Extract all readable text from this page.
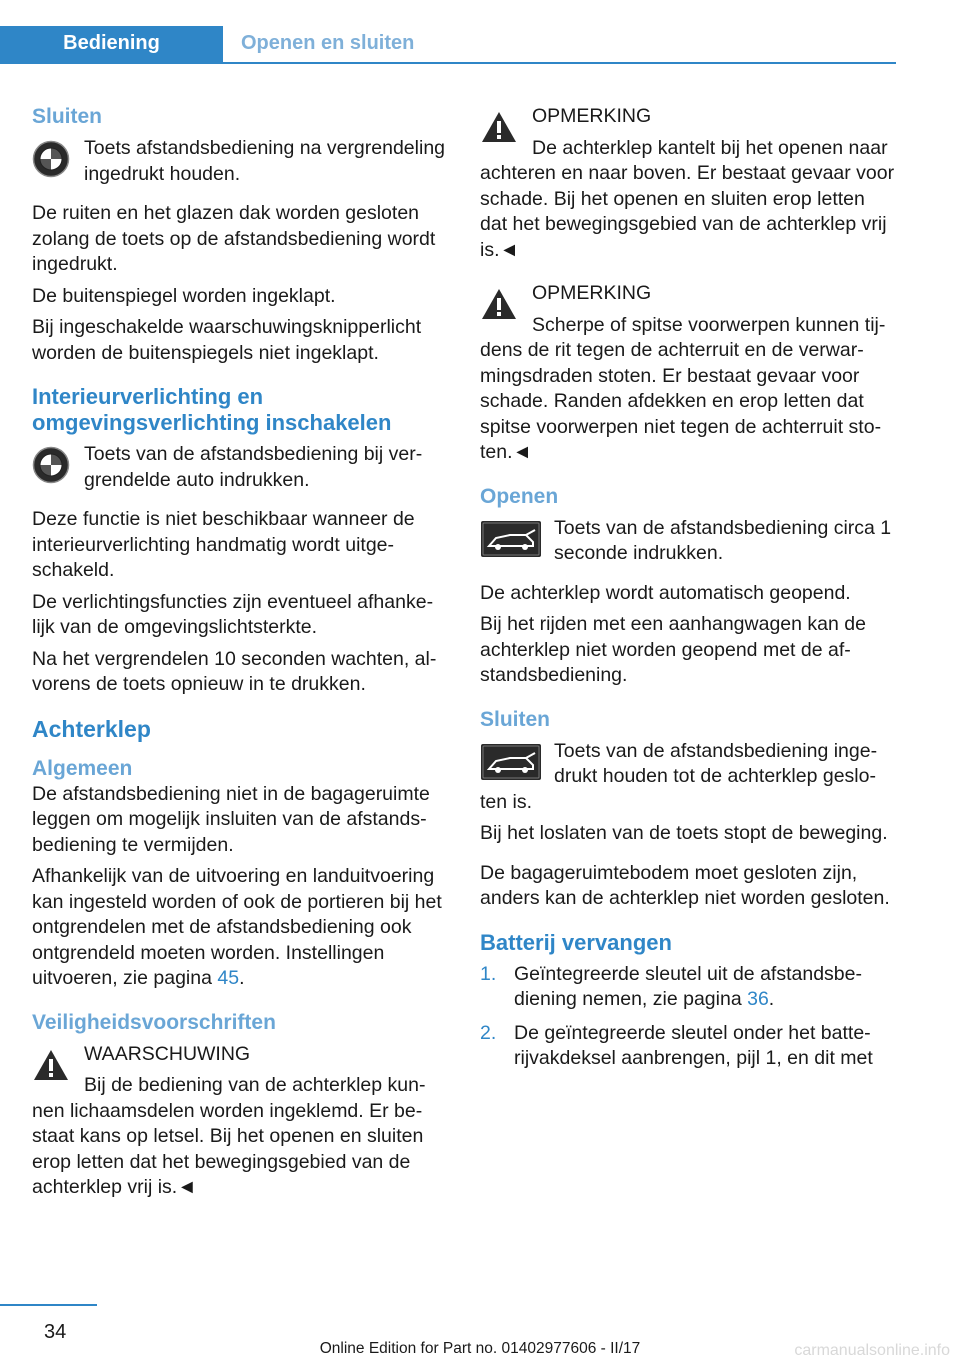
Bediening	Openen en sluiten
Sluiten

Toets afstandsbediening na vergrendeling ingedrukt houden.

De ruiten en het glazen dak worden gesloten zolang de toets op de afstandsbediening wordt ingedrukt.

De buitenspiegel worden ingeklapt.

Bij ingeschakelde waarschuwingsknipperlicht worden de buitenspiegels niet ingeklapt.

Interieurverlichting en omgevingsverlichting inschakelen

Toets van de afstandsbediening bij vergrendelde auto indrukken.

Deze functie is niet beschikbaar wanneer de interieurverlichting handmatig wordt uitgeschakeld.

De verlichtingsfuncties zijn eventueel afhankelijk van de omgevingslichtsterkte.

Na het vergrendelen 10 seconden wachten, alvorens de toets opnieuw in te drukken.

Achterklep
Algemeen

De afstandsbediening niet in de bagageruimte leggen om mogelijk insluiten van de afstandsbediening te vermijden.

Afhankelijk van de uitvoering en landuitvoering kan ingesteld worden of ook de portieren bij het ontgrendelen met de afstandsbediening ook ontgrendeld moeten worden. Instellingen uitvoeren, zie pagina 45.

Veiligheidsvoorschriften

WAARSCHUWING

Bij de bediening van de achterklep kunnen lichaamsdelen worden ingeklemd. Er bestaat kans op letsel. Bij het openen en sluiten erop letten dat het bewegingsgebied van de achterklep vrij is.◄

OPMERKING

De achterklep kantelt bij het openen naar achteren en naar boven. Er bestaat gevaar voor schade. Bij het openen en sluiten erop letten dat het bewegingsgebied van de achterklep vrij is.◄

OPMERKING

Scherpe of spitse voorwerpen kunnen tijdens de rit tegen de achterruit en de verwarmingsdraden stoten. Er bestaat gevaar voor schade. Randen afdekken en erop letten dat spitse voorwerpen niet tegen de achterruit stoten.◄

Openen

Toets van de afstandsbediening circa 1 seconde indrukken.

De achterklep wordt automatisch geopend.

Bij het rijden met een aanhangwagen kan de achterklep niet worden geopend met de afstandsbediening.

Sluiten

Toets van de afstandsbediening ingedrukt houden tot de achterklep gesloten is.

Bij het loslaten van de toets stopt de beweging.

De bagageruimtebodem moet gesloten zijn, anders kan de achterklep niet worden gesloten.

Batterij vervangen
1. Geïntegreerde sleutel uit de afstandsbediening nemen, zie pagina 36.
2. De geïntegreerde sleutel onder het batterijvakdeksel aanbrengen, pijl 1, en dit met
34
Online Edition for Part no. 01402977606 - II/17	carmanualsonline.info
